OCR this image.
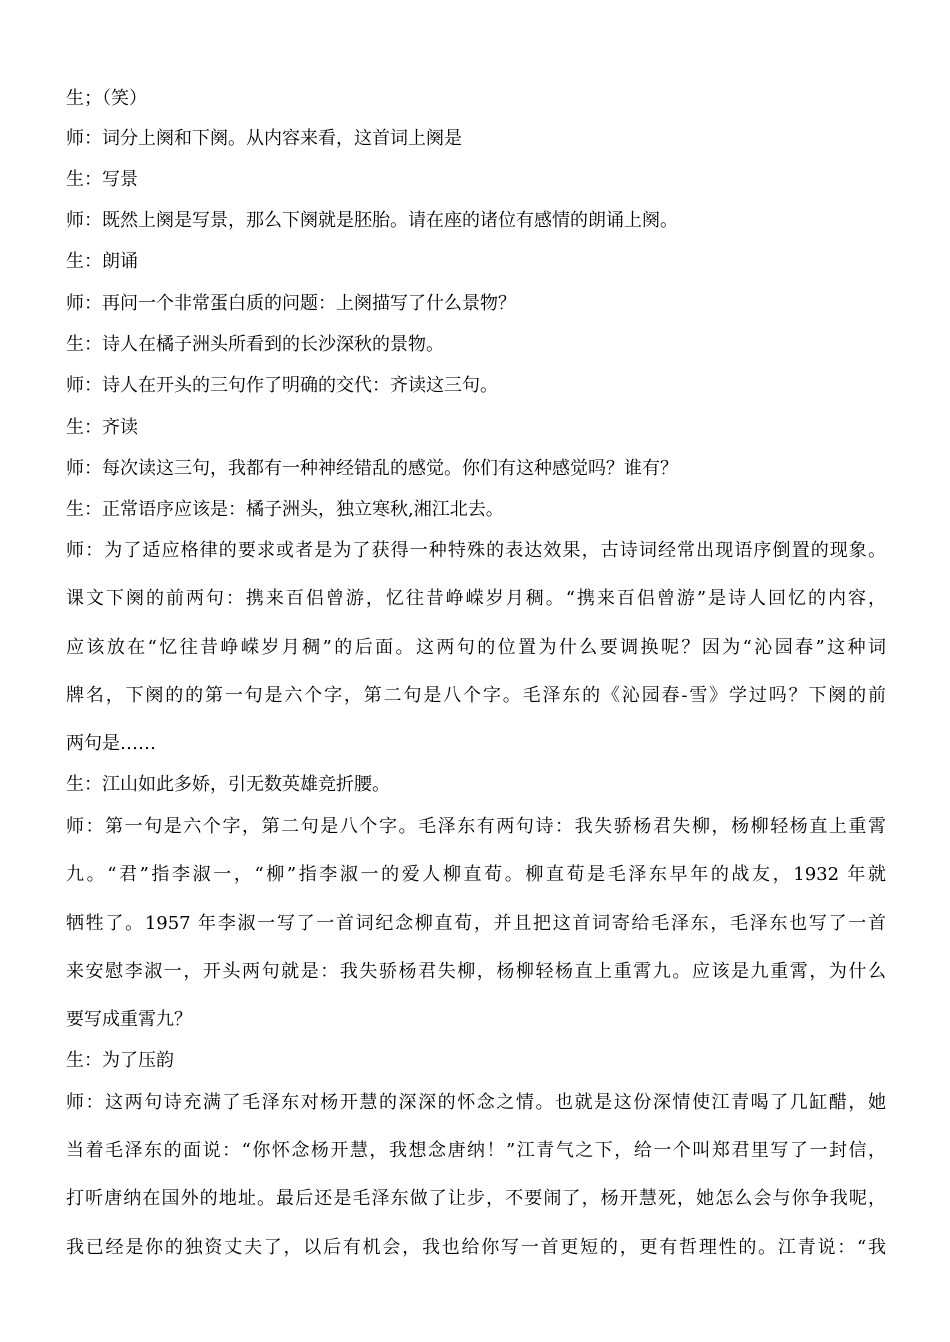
生；（笑）
师：词分上阕和下阕。从内容来看，这首词上阕是
生：写景
师：既然上阕是写景，那么下阕就是胚胎。请在座的诸位有感情的朗诵上阕。
生：朗诵
师：再问一个非常蛋白质的问题：上阕描写了什么景物？
生：诗人在橘子洲头所看到的长沙深秋的景物。
师：诗人在开头的三句作了明确的交代：齐读这三句。
生：齐读
师：每次读这三句，我都有一种神经错乱的感觉。你们有这种感觉吗？谁有？
生：正常语序应该是：橘子洲头，独立寒秋,湘江北去。
师：为了适应格律的要求或者是为了获得一种特殊的表达效果，古诗词经常出现语序倒置的现象。
课文下阕的前两句：携来百侣曾游，忆往昔峥嵘岁月稠。“携来百侣曾游”是诗人回忆的内容，
应该放在“忆往昔峥嵘岁月稠”的后面。这两句的位置为什么要调换呢？因为“沁园春”这种词
牌名，下阕的的第一句是六个字，第二句是八个字。毛泽东的《沁园春-雪》学过吗？下阕的前
两句是……
生：江山如此多娇，引无数英雄竞折腰。
师：第一句是六个字，第二句是八个字。毛泽东有两句诗：我失骄杨君失柳，杨柳轻杨直上重霄
九。“君”指李淑一，“柳”指李淑一的爱人柳直荀。柳直荀是毛泽东早年的战友，1932 年就
牺牲了。1957 年李淑一写了一首词纪念柳直荀，并且把这首词寄给毛泽东，毛泽东也写了一首
来安慰李淑一，开头两句就是：我失骄杨君失柳，杨柳轻杨直上重霄九。应该是九重霄，为什么
要写成重霄九？
生：为了压韵
师：这两句诗充满了毛泽东对杨开慧的深深的怀念之情。也就是这份深情使江青喝了几缸醋，她
当着毛泽东的面说：“你怀念杨开慧，我想念唐纳！”江青气之下，给一个叫郑君里写了一封信，
打听唐纳在国外的地址。最后还是毛泽东做了让步，不要闹了，杨开慧死，她怎么会与你争我呢，
我已经是你的独资丈夫了，以后有机会，我也给你写一首更短的，更有哲理性的。江青说：“我
